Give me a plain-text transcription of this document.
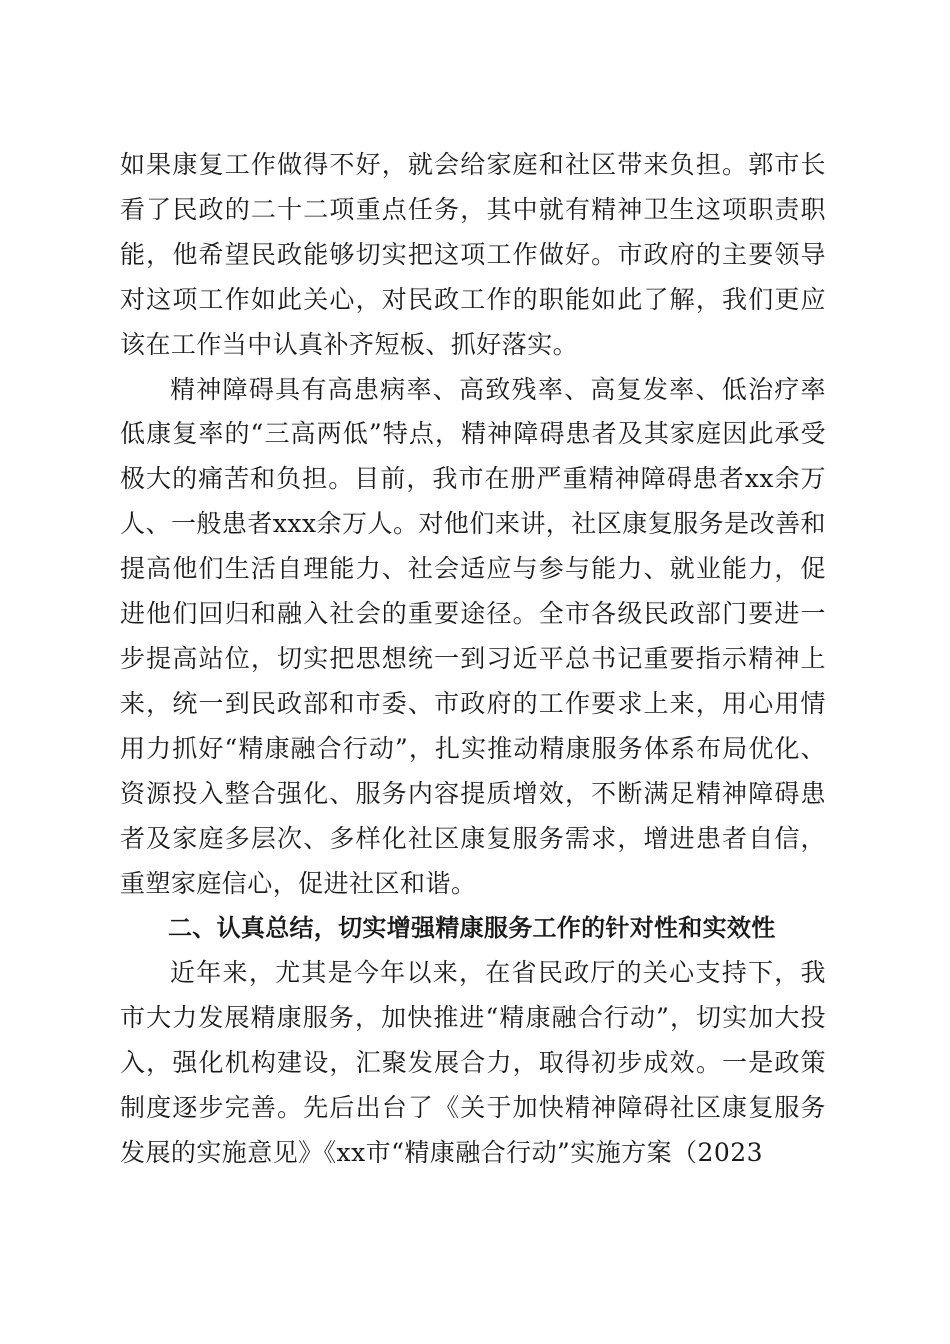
如果康复工作做得不好，就会给家庭和社区带来负担。郭市长看了民政的二十二项重点任务，其中就有精神卫生这项职责职能，他希望民政能够切实把这项工作做好。市政府的主要领导对这项工作如此关心，对民政工作的职能如此了解，我们更应该在工作当中认真补齐短板、抓好落实。

精神障碍具有高患病率、高致残率、高复发率、低治疗率低康复率的“三高两低”特点，精神障碍患者及其家庭因此承受极大的痛苦和负担。目前，我市在册严重精神障碍患者xx余万人、一般患者xxx余万人。对他们来讲，社区康复服务是改善和提高他们生活自理能力、社会适应与参与能力、就业能力，促进他们回归和融入社会的重要途径。全市各级民政部门要进一步提高站位，切实把思想统一到习近平总书记重要指示精神上来，统一到民政部和市委、市政府的工作要求上来，用心用情用力抓好“精康融合行动”，扎实推动精康服务体系布局优化、资源投入整合强化、服务内容提质增效，不断满足精神障碍患者及家庭多层次、多样化社区康复服务需求，增进患者自信，重塑家庭信心，促进社区和谐。

二、认真总结，切实增强精康服务工作的针对性和实效性

近年来，尤其是今年以来，在省民政厅的关心支持下，我市大力发展精康服务，加快推进“精康融合行动”，切实加大投入，强化机构建设，汇聚发展合力，取得初步成效。一是政策制度逐步完善。先后出台了《关于加快精神障碍社区康复服务发展的实施意见》《xx市“精康融合行动”实施方案（2023
